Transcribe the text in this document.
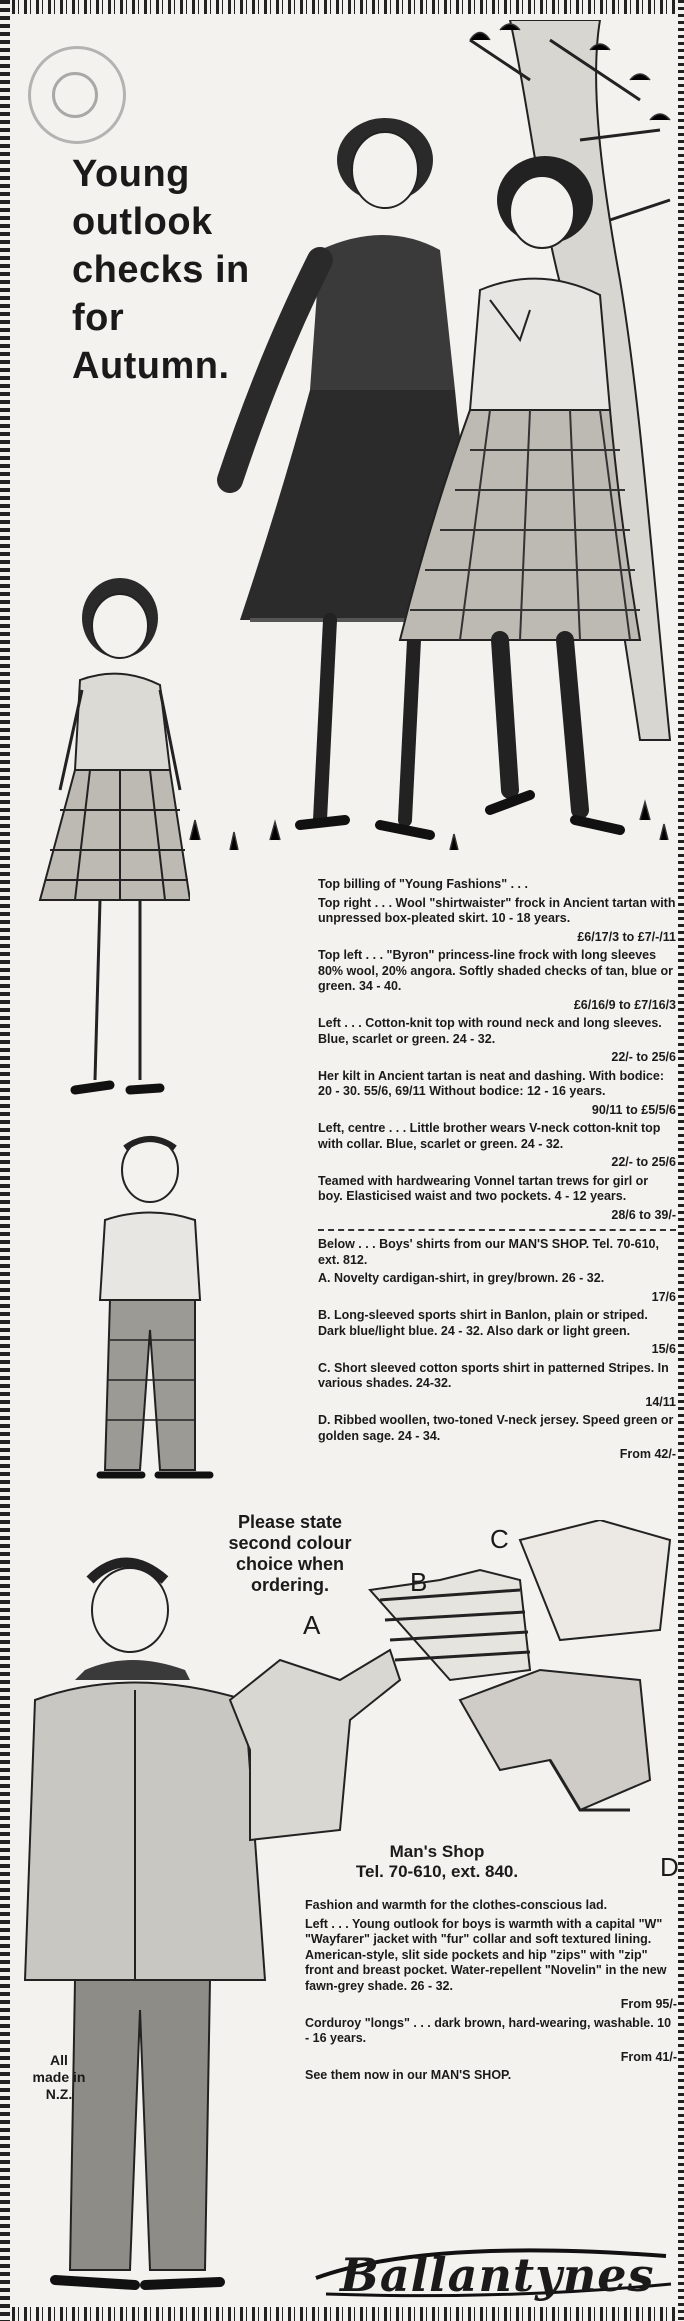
Young
outlook
checks in
for
Autumn.
A
B
C
D
Please state second colour choice when ordering.

Top billing of "Young Fashions" . . .

Top right . . . Wool "shirtwaister" frock in Ancient tartan with unpressed box-pleated skirt. 10 - 18 years.

£6/17/3 to £7/-/11

Top left . . . "Byron" princess-line frock with long sleeves 80% wool, 20% angora. Softly shaded checks of tan, blue or green. 34 - 40.

£6/16/9 to £7/16/3

Left . . . Cotton-knit top with round neck and long sleeves. Blue, scarlet or green. 24 - 32.

22/- to 25/6

Her kilt in Ancient tartan is neat and dashing. With bodice: 20 - 30. 55/6, 69/11 Without bodice: 12 - 16 years.

90/11 to £5/5/6

Left, centre . . . Little brother wears V-neck cotton-knit top with collar. Blue, scarlet or green. 24 - 32.

22/- to 25/6

Teamed with hardwearing Vonnel tartan trews for girl or boy. Elasticised waist and two pockets. 4 - 12 years.

28/6 to 39/-

Below . . . Boys' shirts from our MAN'S SHOP. Tel. 70-610, ext. 812.

A. Novelty cardigan-shirt, in grey/brown. 26 - 32.

17/6

B. Long-sleeved sports shirt in Banlon, plain or striped. Dark blue/light blue. 24 - 32. Also dark or light green.

15/6

C. Short sleeved cotton sports shirt in patterned Stripes. In various shades. 24-32.

14/11

D. Ribbed woollen, two-toned V-neck jersey. Speed green or golden sage. 24 - 34.

From 42/-

Man's Shop
Tel. 70-610, ext. 840.

Fashion and warmth for the clothes-conscious lad.

Left . . . Young outlook for boys is warmth with a capital "W" "Wayfarer" jacket with "fur" collar and soft textured lining. American-style, slit side pockets and hip "zips" with "zip" front and breast pocket. Water-repellent "Novelin" in the new fawn-grey shade. 26 - 32.

From 95/-

Corduroy "longs" . . . dark brown, hard-wearing, washable. 10 - 16 years.

From 41/-

See them now in our MAN'S SHOP.

All made in N.Z.
Ballantynes
